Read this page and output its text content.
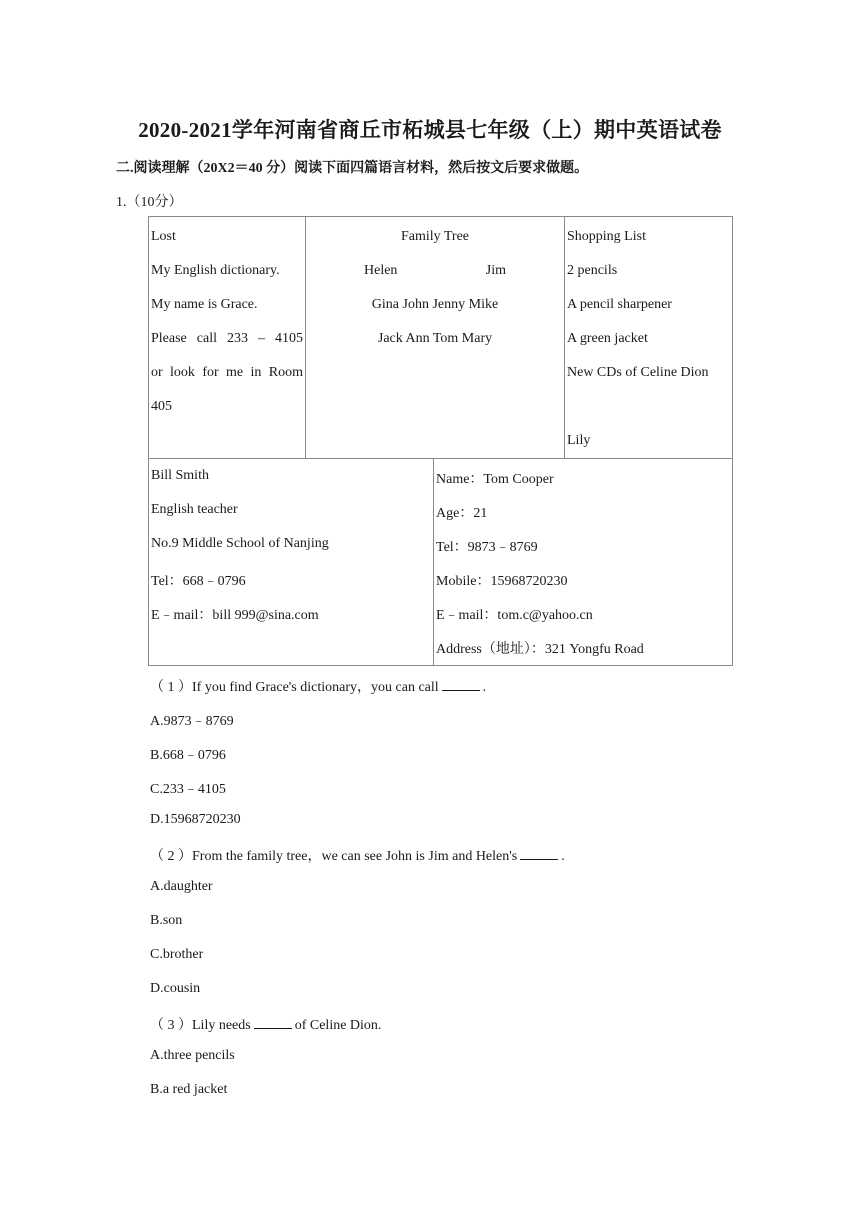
2020-2021学年河南省商丘市柘城县七年级（上）期中英语试卷
二.阅读理解（20X2＝40 分）阅读下面四篇语言材料，然后按文后要求做题。
1.（10分）
Lost
My English dictionary.
My name is Grace.
Please call 233 – 4105
or look for me in Room
405
Family Tree
Helen	Jim
Gina John Jenny Mike
Jack Ann Tom Mary
Shopping List
2 pencils
A pencil sharpener
A green jacket
New CDs of Celine Dion
Lily
Bill Smith
English teacher
No.9 Middle School of Nanjing
Tel：668﹣0796
E﹣mail：bill 999@sina.com
Name：Tom Cooper
Age：21
Tel：9873﹣8769
Mobile：15968720230
E﹣mail：tom.c@yahoo.cn
Address（地址）：321 Yongfu Road
（ 1 ）If you find Grace's dictionary，you can call	.
A.9873﹣8769
B.668﹣0796
C.233﹣4105
D.15968720230
（ 2 ）From the family tree，we can see John is Jim and Helen's	.
A.daughter
B.son
C.brother
D.cousin
（ 3 ）Lily needs	of Celine Dion.
A.three pencils
B.a red jacket
